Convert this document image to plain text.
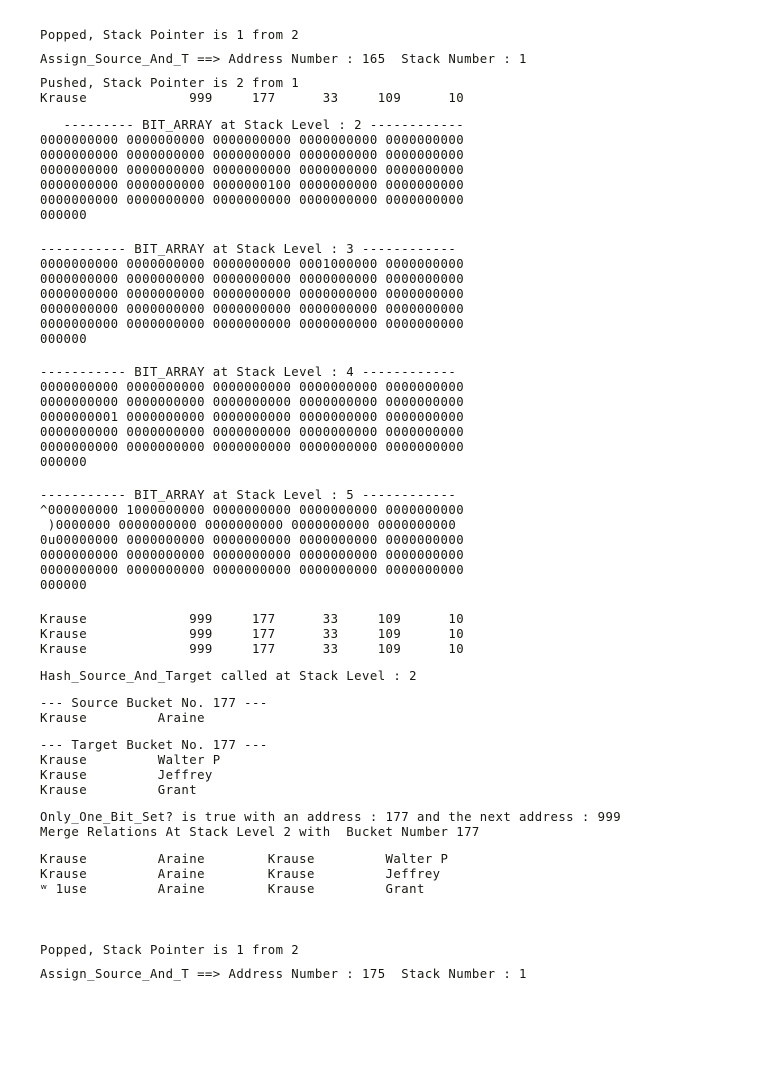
Popped, Stack Pointer is 1 from 2
Assign_Source_And_T ==> Address Number : 165  Stack Number : 1
Pushed, Stack Pointer is 2 from 1
Krause             999     177      33     109      10
--------- BIT_ARRAY at Stack Level : 2 ------------
0000000000 0000000000 0000000000 0000000000 0000000000
0000000000 0000000000 0000000000 0000000000 0000000000
0000000000 0000000000 0000000000 0000000000 0000000000
0000000000 0000000000 0000000100 0000000000 0000000000
0000000000 0000000000 0000000000 0000000000 0000000000
000000
----------- BIT_ARRAY at Stack Level : 3 ------------
0000000000 0000000000 0000000000 0001000000 0000000000
0000000000 0000000000 0000000000 0000000000 0000000000
0000000000 0000000000 0000000000 0000000000 0000000000
0000000000 0000000000 0000000000 0000000000 0000000000
0000000000 0000000000 0000000000 0000000000 0000000000
000000
----------- BIT_ARRAY at Stack Level : 4 ------------
0000000000 0000000000 0000000000 0000000000 0000000000
0000000000 0000000000 0000000000 0000000000 0000000000
0000000001 0000000000 0000000000 0000000000 0000000000
0000000000 0000000000 0000000000 0000000000 0000000000
0000000000 0000000000 0000000000 0000000000 0000000000
000000
----------- BIT_ARRAY at Stack Level : 5 ------------
^000000000 1000000000 0000000000 0000000000 0000000000
)0000000 0000000000 0000000000 0000000000 0000000000
0u00000000 0000000000 0000000000 0000000000 0000000000
0000000000 0000000000 0000000000 0000000000 0000000000
0000000000 0000000000 0000000000 0000000000 0000000000
000000
Krause             999     177      33     109      10
Krause             999     177      33     109      10
Krause             999     177      33     109      10
Hash_Source_And_Target called at Stack Level : 2
--- Source Bucket No. 177 ---
Krause         Araine
--- Target Bucket No. 177 ---
Krause         Walter P
Krause         Jeffrey
Krause         Grant
Only_One_Bit_Set? is true with an address : 177 and the next address : 999
Merge Relations At Stack Level 2 with  Bucket Number 177
Krause         Araine        Krause         Walter P
Krause         Araine        Krause         Jeffrey
ʷ 1use         Araine        Krause         Grant
Popped, Stack Pointer is 1 from 2
Assign_Source_And_T ==> Address Number : 175  Stack Number : 1
